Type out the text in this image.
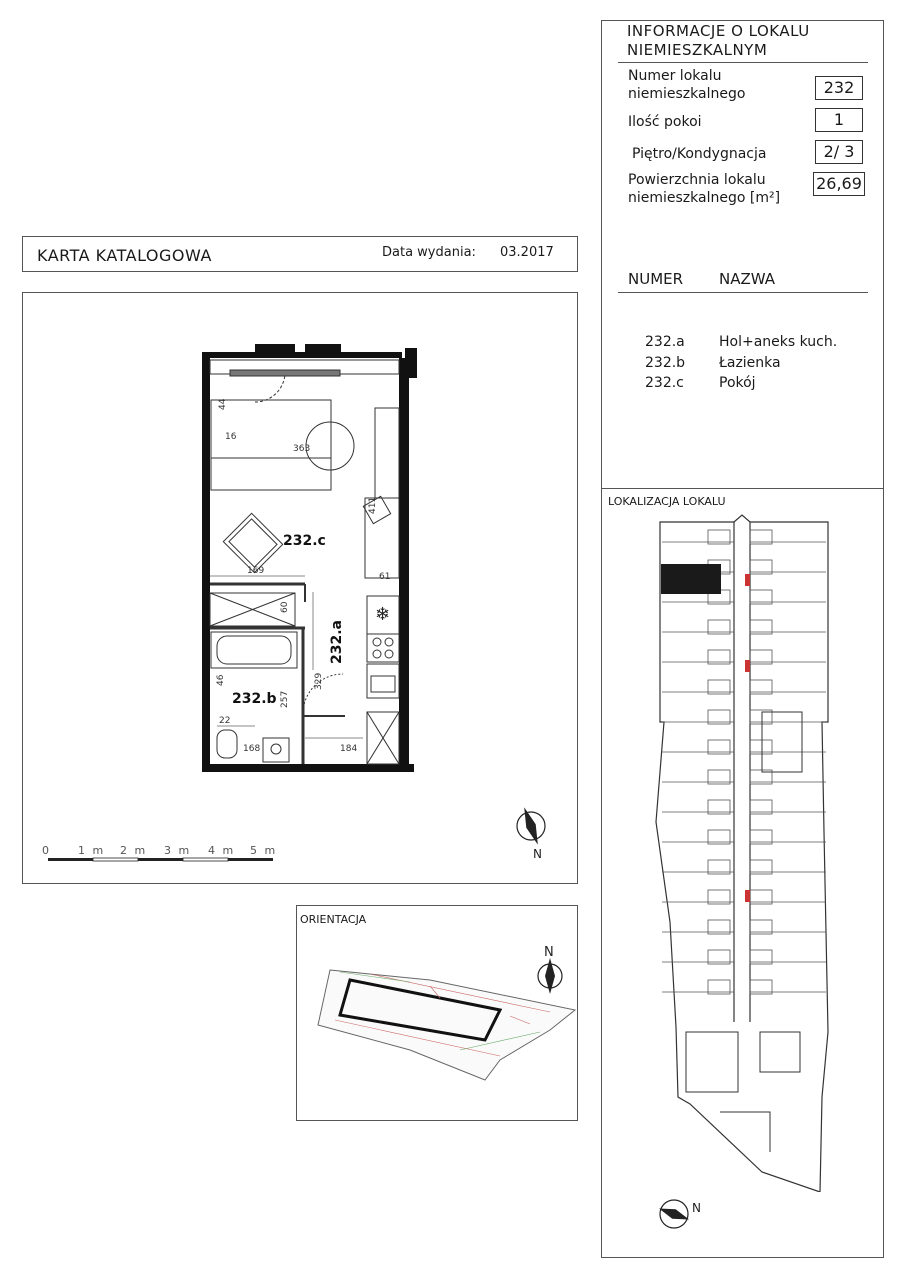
INFORMACJE O LOKALU
NIEMIESZKALNYM
Numer lokalu
niemieszkalnego	232
Ilość pokoi	1
Piętro/Kondygnacja	2/ 3
Powierzchnia lokalu
niemieszkalnego [m²]
26,69
NUMER NAZWA
232.a Hol+aneks kuch.
232.b Łazienka
232.c	Pokój
LOKALIZACJA LOKALU
N
KARTA KATALOGOWA	Data wydania: 03.2017
❄
232.c
232.b
232.a
363
44
16
411
61
169
60
46	329
257
22
168	184
N
0 1 m 2 m 3 m 4 m 5 m
ORIENTACJA
N
